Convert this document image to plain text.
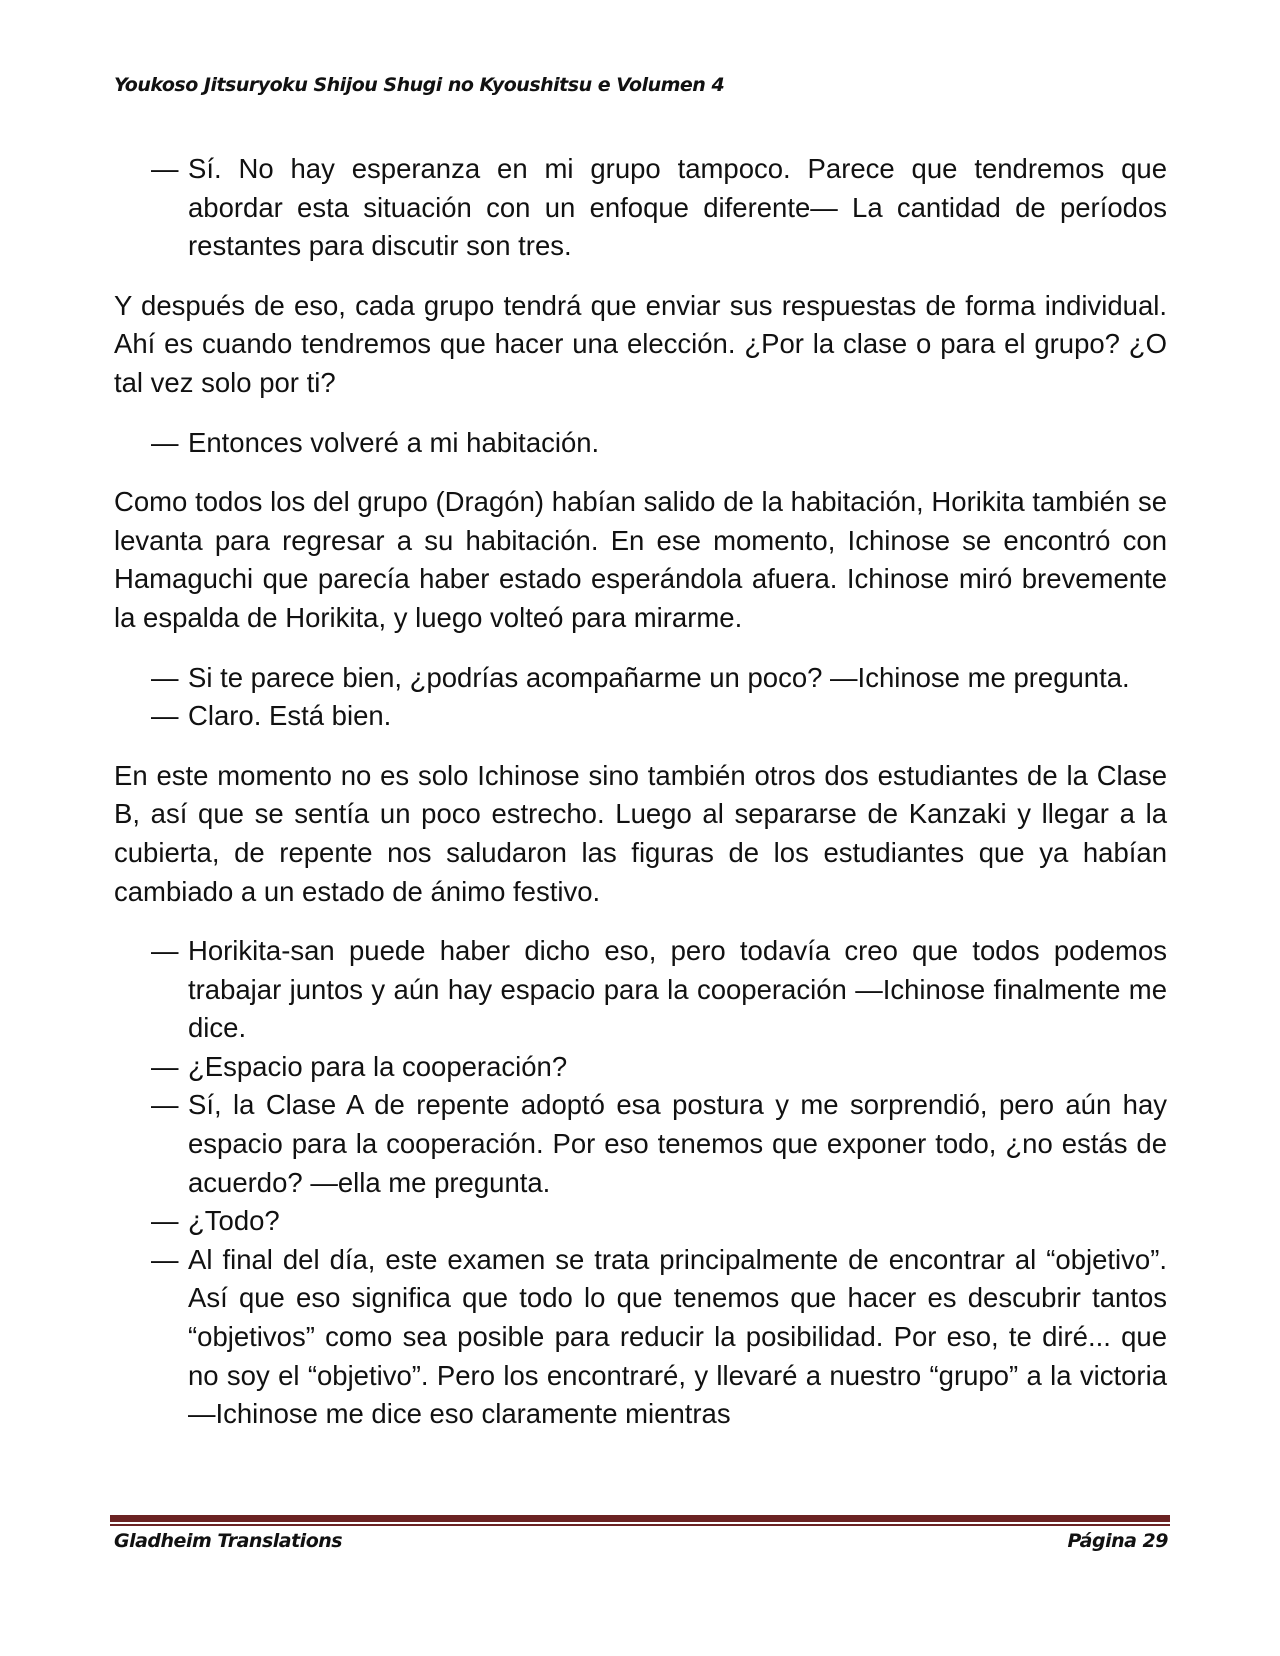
Youkoso Jitsuryoku Shijou Shugi no Kyoushitsu e Volumen 4

— Sí. No hay esperanza en mi grupo tampoco. Parece que tendremos que abordar esta situación con un enfoque diferente— La cantidad de períodos restantes para discutir son tres.

Y después de eso, cada grupo tendrá que enviar sus respuestas de forma individual. Ahí es cuando tendremos que hacer una elección. ¿Por la clase o para el grupo? ¿O tal vez solo por ti?

— Entonces volveré a mi habitación.

Como todos los del grupo (Dragón) habían salido de la habitación, Horikita también se levanta para regresar a su habitación. En ese momento, Ichinose se encontró con Hamaguchi que parecía haber estado esperándola afuera. Ichinose miró brevemente la espalda de Horikita, y luego volteó para mirarme.

— Si te parece bien, ¿podrías acompañarme un poco? —Ichinose me pregunta.

— Claro. Está bien.

En este momento no es solo Ichinose sino también otros dos estudiantes de la Clase B, así que se sentía un poco estrecho. Luego al separarse de Kanzaki y llegar a la cubierta, de repente nos saludaron las figuras de los estudiantes que ya habían cambiado a un estado de ánimo festivo.

— Horikita-san puede haber dicho eso, pero todavía creo que todos podemos trabajar juntos y aún hay espacio para la cooperación —Ichinose finalmente me dice.

— ¿Espacio para la cooperación?

— Sí, la Clase A de repente adoptó esa postura y me sorprendió, pero aún hay espacio para la cooperación. Por eso tenemos que exponer todo, ¿no estás de acuerdo? —ella me pregunta.

— ¿Todo?

— Al final del día, este examen se trata principalmente de encontrar al “objetivo”. Así que eso significa que todo lo que tenemos que hacer es descubrir tantos “objetivos” como sea posible para reducir la posibilidad. Por eso, te diré... que no soy el “objetivo”. Pero los encontraré, y llevaré a nuestro “grupo” a la victoria —Ichinose me dice eso claramente mientras

Gladheim Translations	Página 29
